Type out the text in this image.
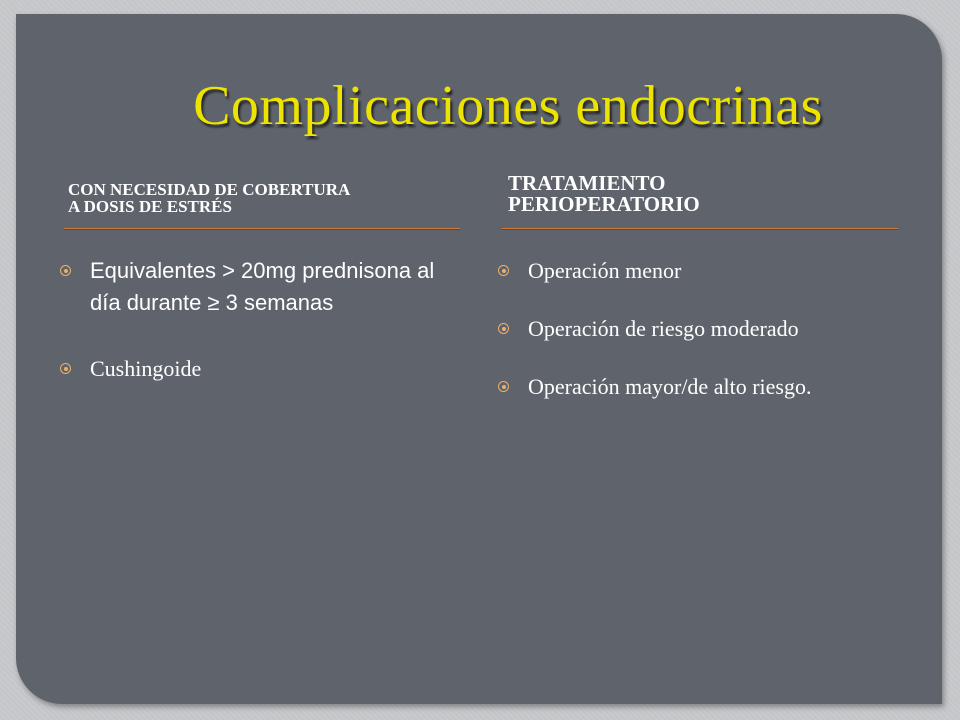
Complicaciones endocrinas
CON NECESIDAD DE COBERTURA
A DOSIS DE ESTRÉS
TRATAMIENTO
PERIOPERATORIO
Equivalentes > 20mg prednisona al día durante ≥ 3 semanas
Cushingoide
Operación menor
Operación de riesgo moderado
Operación mayor/de alto riesgo.
